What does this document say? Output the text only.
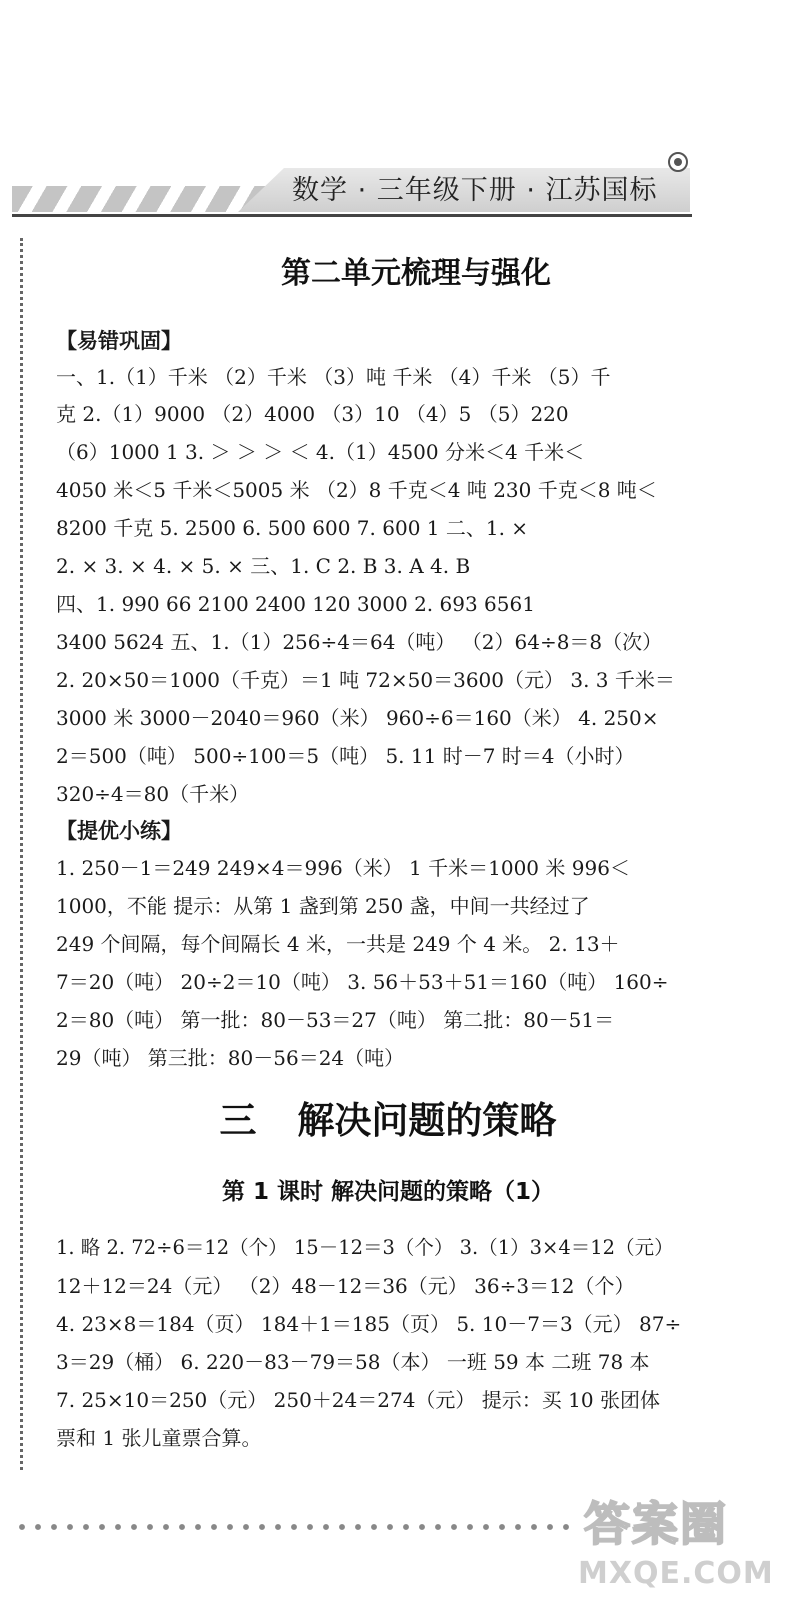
数学 · 三年级下册 · 江苏国标
第二单元梳理与强化
【易错巩固】
一、1.（1）千米 （2）千米 （3）吨 千米 （4）千米 （5）千
克 2.（1）9000 （2）4000 （3）10 （4）5 （5）220
（6）1000 1 3. ＞ ＞ ＞ ＜ 4.（1）4500 分米＜4 千米＜
4050 米＜5 千米＜5005 米 （2）8 千克＜4 吨 230 千克＜8 吨＜
8200 千克 5. 2500 6. 500 600 7. 600 1 二、1. ×
2. × 3. × 4. × 5. × 三、1. C 2. B 3. A 4. B
四、1. 990 66 2100 2400 120 3000 2. 693 6561
3400 5624 五、1.（1）256÷4＝64（吨） （2）64÷8＝8（次）
2. 20×50＝1000（千克）＝1 吨 72×50＝3600（元） 3. 3 千米＝
3000 米 3000－2040＝960（米） 960÷6＝160（米） 4. 250×
2＝500（吨） 500÷100＝5（吨） 5. 11 时－7 时＝4（小时）
320÷4＝80（千米）
【提优小练】
1. 250－1＝249 249×4＝996（米） 1 千米＝1000 米 996＜
1000，不能 提示：从第 1 盏到第 250 盏，中间一共经过了
249 个间隔，每个间隔长 4 米，一共是 249 个 4 米。 2. 13＋
7＝20（吨） 20÷2＝10（吨） 3. 56＋53＋51＝160（吨） 160÷
2＝80（吨） 第一批：80－53＝27（吨） 第二批：80－51＝
29（吨） 第三批：80－56＝24（吨）
三 解决问题的策略
第 1 课时 解决问题的策略（1）
1. 略 2. 72÷6＝12（个） 15－12＝3（个） 3.（1）3×4＝12（元）
12＋12＝24（元） （2）48－12＝36（元） 36÷3＝12（个）
4. 23×8＝184（页） 184＋1＝185（页） 5. 10－7＝3（元） 87÷
3＝29（桶） 6. 220－83－79＝58（本） 一班 59 本 二班 78 本
7. 25×10＝250（元） 250＋24＝274（元） 提示：买 10 张团体
票和 1 张儿童票合算。
答案圈
MXQE.COM
